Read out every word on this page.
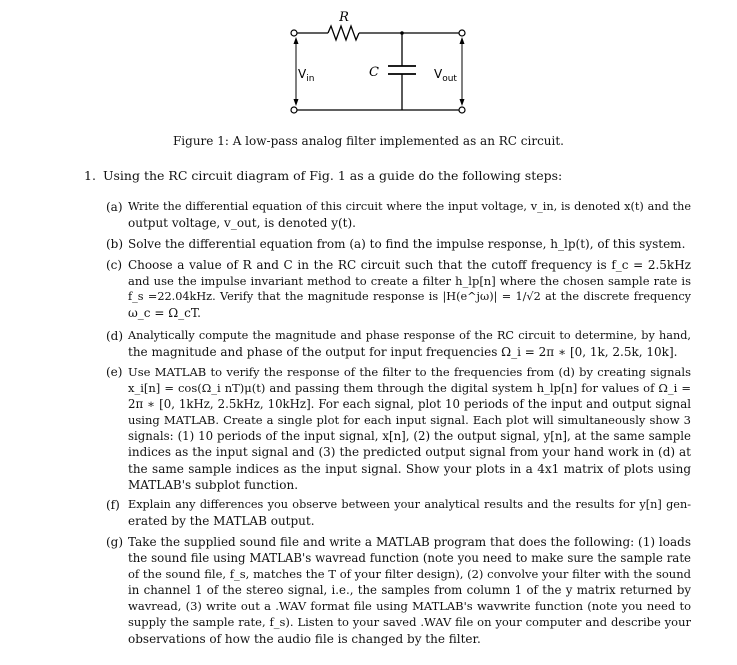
R
C
$V_{in}$	$V_{out}$
Figure 1: A low-pass analog filter implemented as an RC circuit.
1. Using the RC circuit diagram of Fig. 1 as a guide do the following steps:
(a) Write the differential equation of this circuit where the input voltage, v_in, is denoted x(t) and the
output voltage, v_out, is denoted y(t).
(b) Solve the differential equation from (a) to find the impulse response, h_lp(t), of this system.
(c) Choose a value of R and C in the RC circuit such that the cutoff frequency is f_c = 2.5kHz
and use the impulse invariant method to create a filter h_lp[n] where the chosen sample rate is
f_s =22.04kHz. Verify that the magnitude response is |H(e^jω)| = 1/√2 at the discrete frequency
ω_c = Ω_cT.
(d) Analytically compute the magnitude and phase response of the RC circuit to determine, by hand,
the magnitude and phase of the output for input frequencies Ω_i = 2π ∗ [0, 1k, 2.5k, 10k].
(e) Use MATLAB to verify the response of the filter to the frequencies from (d) by creating signals
x_i[n] = cos(Ω_i nT)μ(t) and passing them through the digital system h_lp[n] for values of Ω_i =
2π ∗ [0, 1kHz, 2.5kHz, 10kHz]. For each signal, plot 10 periods of the input and output signal
using MATLAB. Create a single plot for each input signal. Each plot will simultaneously show 3
signals: (1) 10 periods of the input signal, x[n], (2) the output signal, y[n], at the same sample
indices as the input signal and (3) the predicted output signal from your hand work in (d) at
the same sample indices as the input signal. Show your plots in a 4x1 matrix of plots using
MATLAB's subplot function.
(f) Explain any differences you observe between your analytical results and the results for y[n] gen-
erated by the MATLAB output.
(g) Take the supplied sound file and write a MATLAB program that does the following: (1) loads
the sound file using MATLAB's wavread function (note you need to make sure the sample rate
of the sound file, f_s, matches the T of your filter design), (2) convolve your filter with the sound
in channel 1 of the stereo signal, i.e., the samples from column 1 of the y matrix returned by
wavread, (3) write out a .WAV format file using MATLAB's wavwrite function (note you need to
supply the sample rate, f_s). Listen to your saved .WAV file on your computer and describe your
observations of how the audio file is changed by the filter.
